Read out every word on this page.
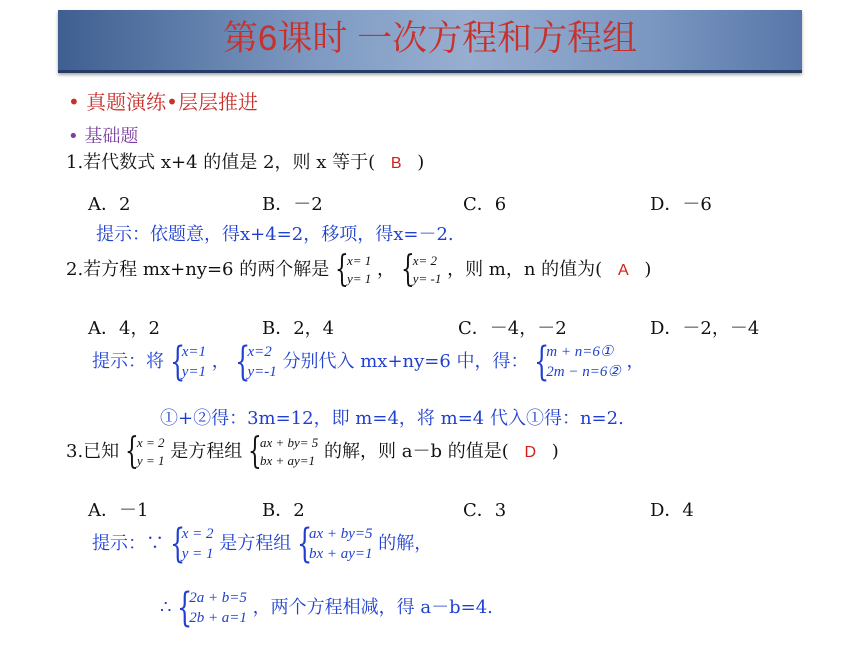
第6课时 一次方程和方程组
• 真题演练•层层推进
• 基础题
1.若代数式 x+4 的值是 2，则 x 等于( B )
A．2	B．－2	C．6	D．－6
提示：依题意，得x+4=2，移项，得x=－2.
2.若方程 mx+ny=6 的两个解是 {
x= 1
y= 1 ， {
x= 2
y= -1 ，则 m，n 的值为( A )
A．4，2	B．2，4	C．－4，－2	D．－2，－4
提示：将 {
x=1
y=1 ， {
x=2
y=-1 分别代入 mx+ny=6 中，得： {
m + n=6①
2m − n=6② ，
①+②得：3m=12，即 m=4，将 m=4 代入①得：n=2.
3.已知 {
x = 2
y = 1 是方程组 {
ax + by= 5
bx + ay=1 的解，则 a－b 的值是( D )
A．－1	B．2	C．3	D．4
提示：∵ {
x = 2
y = 1 是方程组 {
ax + by=5
bx + ay=1 的解，
∴ {
2a + b=5
2b + a=1 ，两个方程相减，得 a－b=4.
